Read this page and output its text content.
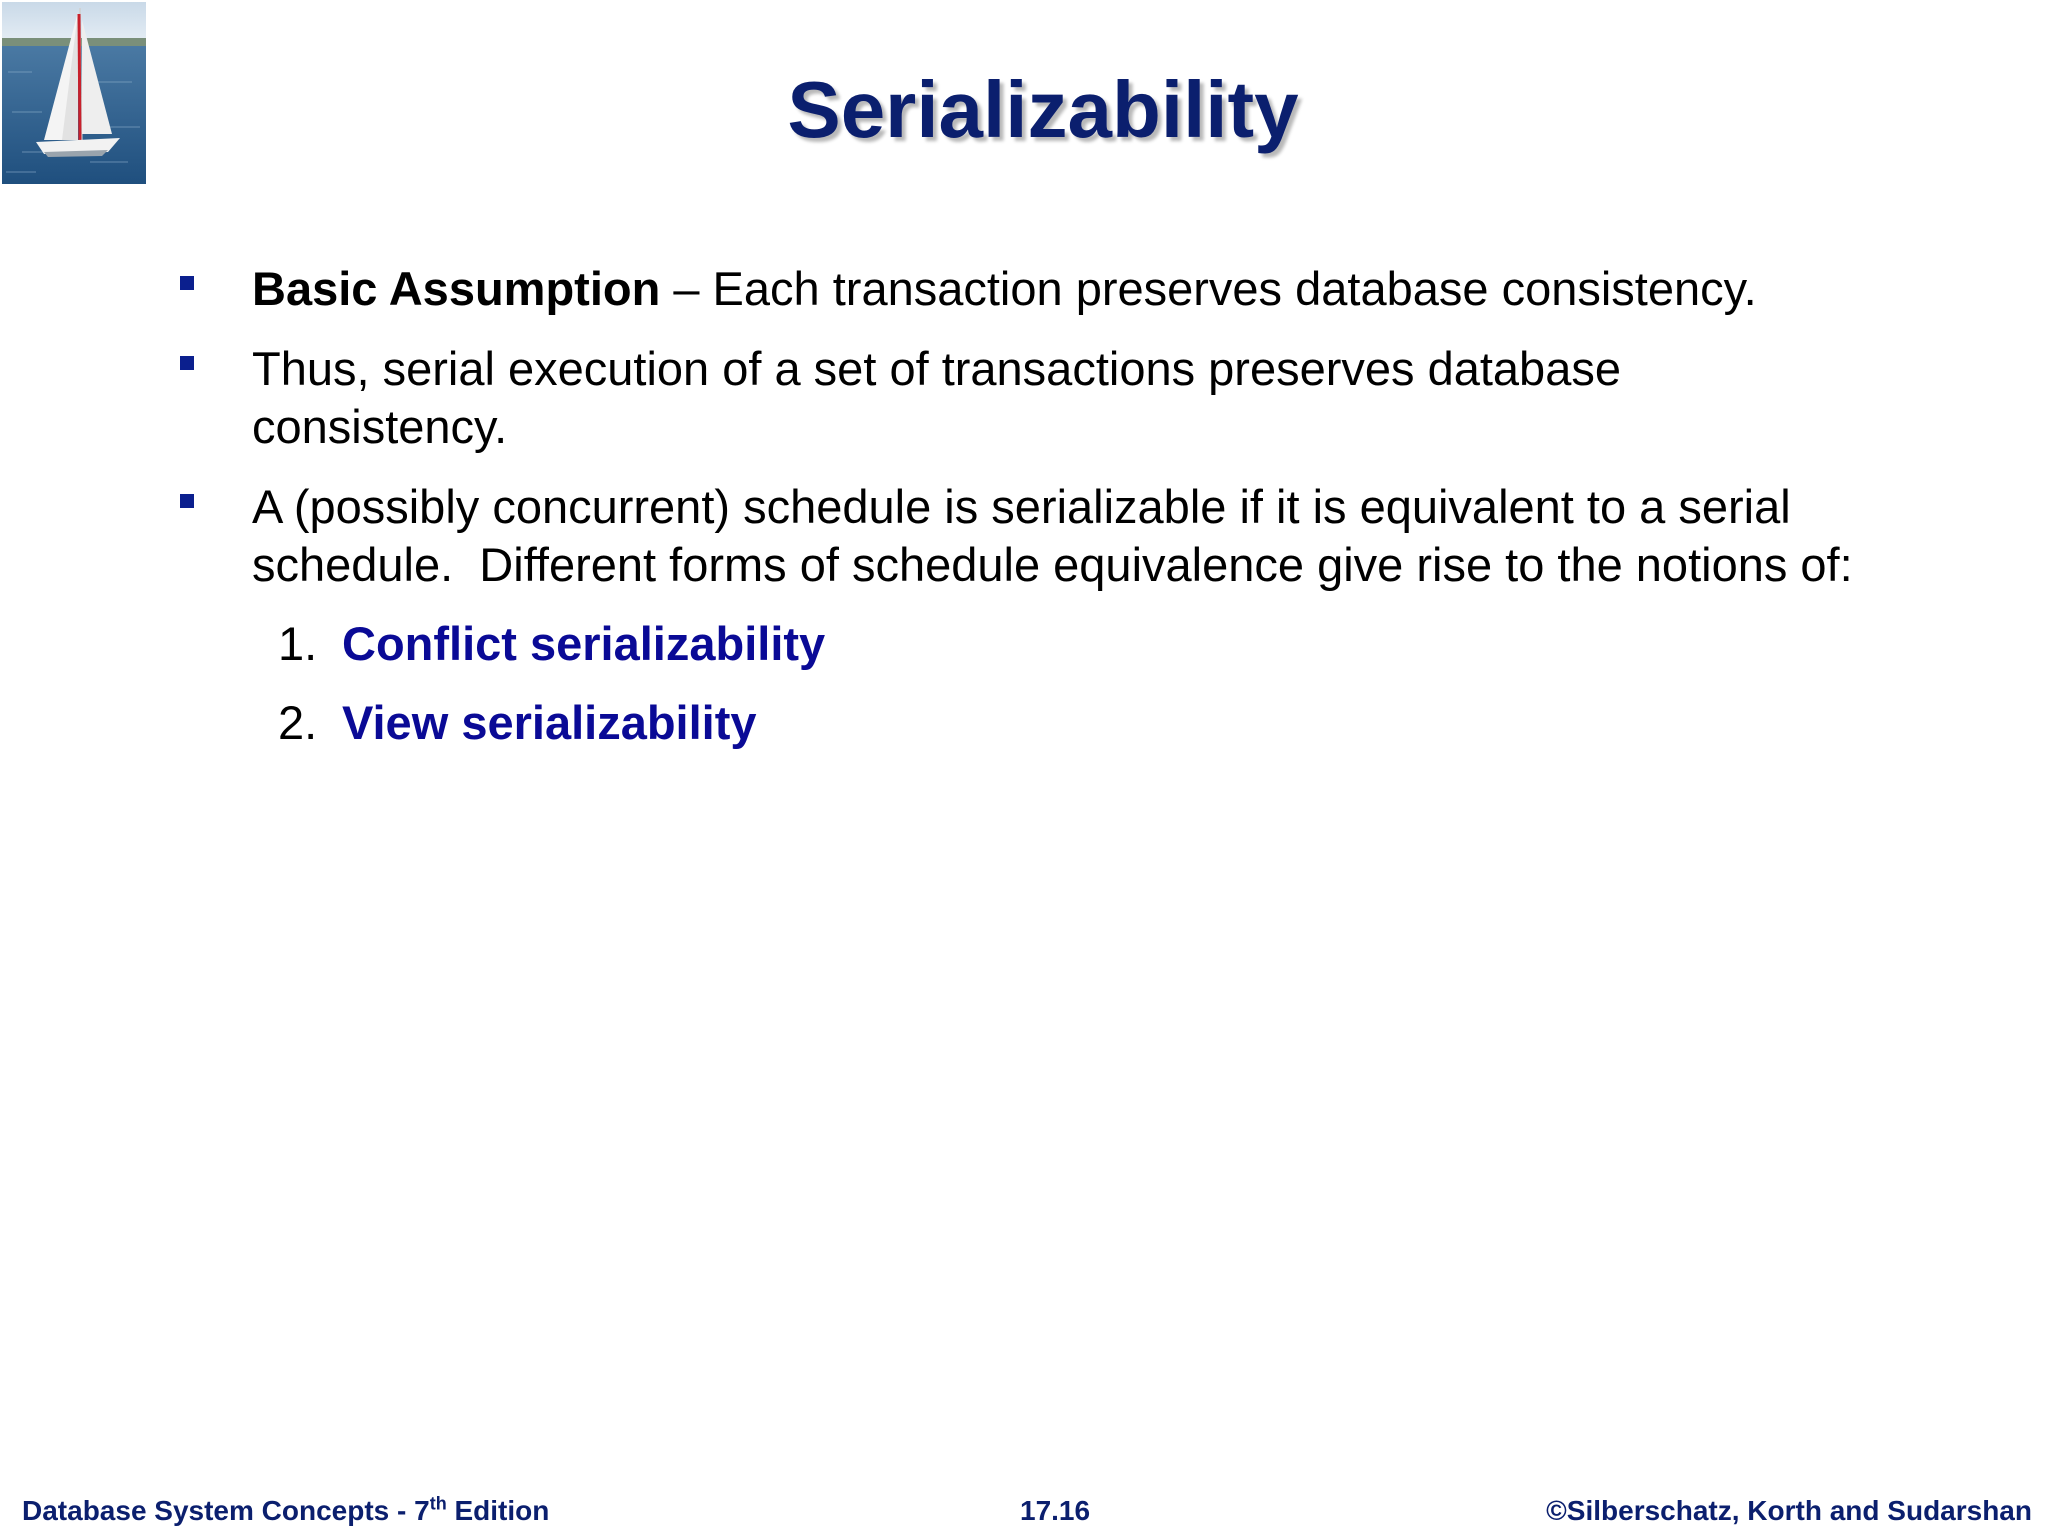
Serializability
Basic Assumption – Each transaction preserves database consistency.
Thus, serial execution of a set of transactions preserves database
consistency.
A (possibly concurrent) schedule is serializable if it is equivalent to a serial
schedule.  Different forms of schedule equivalence give rise to the notions of:
1. Conflict serializability
2. View serializability
Database System Concepts - 7th Edition	17.16	©Silberschatz, Korth and Sudarshan
